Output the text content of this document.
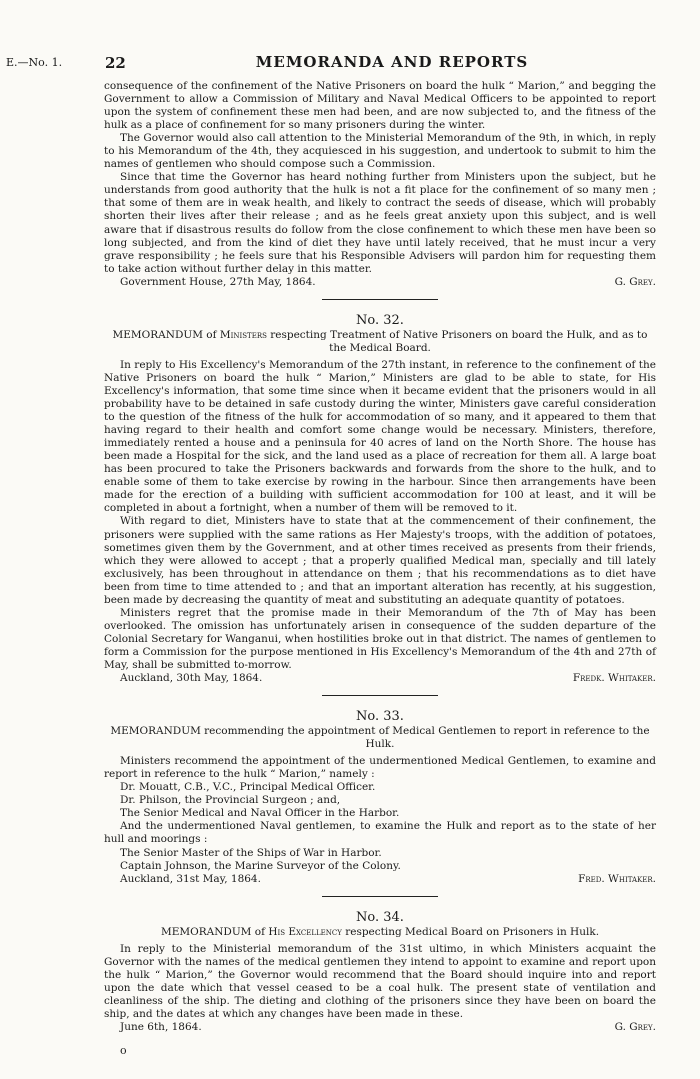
E.—No. 1.	22	MEMORANDA AND REPORTS

consequence of the confinement of the Native Prisoners on board the hulk “ Marion,” and begging the Government to allow a Commission of Military and Naval Medical Officers to be appointed to report upon the system of confinement these men had been, and are now subjected to, and the fitness of the hulk as a place of confinement for so many prisoners during the winter.

The Governor would also call attention to the Ministerial Memorandum of the 9th, in which, in reply to his Memorandum of the 4th, they acquiesced in his suggestion, and undertook to submit to him the names of gentlemen who should compose such a Commission.

Since that time the Governor has heard nothing further from Ministers upon the subject, but he understands from good authority that the hulk is not a fit place for the confinement of so many men ; that some of them are in weak health, and likely to contract the seeds of disease, which will probably shorten their lives after their release ; and as he feels great anxiety upon this subject, and is well aware that if disastrous results do follow from the close confinement to which these men have been so long subjected, and from the kind of diet they have until lately received, that he must incur a very grave responsibility ; he feels sure that his Responsible Advisers will pardon him for requesting them to take action without further delay in this matter.

Government House, 27th May, 1864.	G. Grey.

No. 32.

MEMORANDUM of Ministers respecting Treatment of Native Prisoners on board the Hulk, and as to the Medical Board.

In reply to His Excellency's Memorandum of the 27th instant, in reference to the confinement of the Native Prisoners on board the hulk “ Marion,” Ministers are glad to be able to state, for His Excellency's information, that some time since when it became evident that the prisoners would in all probability have to be detained in safe custody during the winter, Ministers gave careful consideration to the question of the fitness of the hulk for accommodation of so many, and it appeared to them that having regard to their health and comfort some change would be necessary. Ministers, therefore, immediately rented a house and a peninsula for 40 acres of land on the North Shore. The house has been made a Hospital for the sick, and the land used as a place of recreation for them all. A large boat has been procured to take the Prisoners backwards and forwards from the shore to the hulk, and to enable some of them to take exercise by rowing in the harbour. Since then arrangements have been made for the erection of a building with sufficient accommodation for 100 at least, and it will be completed in about a fortnight, when a number of them will be removed to it.

With regard to diet, Ministers have to state that at the commencement of their confinement, the prisoners were supplied with the same rations as Her Majesty's troops, with the addition of potatoes, sometimes given them by the Government, and at other times received as presents from their friends, which they were allowed to accept ; that a properly qualified Medical man, specially and till lately exclusively, has been throughout in attendance on them ; that his recommendations as to diet have been from time to time attended to ; and that an important alteration has recently, at his suggestion, been made by decreasing the quantity of meat and substituting an adequate quantity of potatoes.

Ministers regret that the promise made in their Memorandum of the 7th of May has been overlooked. The omission has unfortunately arisen in consequence of the sudden departure of the Colonial Secretary for Wanganui, when hostilities broke out in that district. The names of gentlemen to form a Commission for the purpose mentioned in His Excellency's Memorandum of the 4th and 27th of May, shall be submitted to-morrow.

Auckland, 30th May, 1864.	Fredk. Whitaker.

No. 33.

MEMORANDUM recommending the appointment of Medical Gentlemen to report in reference to the Hulk.

Ministers recommend the appointment of the undermentioned Medical Gentlemen, to examine and report in reference to the hulk “ Marion,” namely :

Dr. Mouatt, C.B., V.C., Principal Medical Officer.

Dr. Philson, the Provincial Surgeon ; and,

The Senior Medical and Naval Officer in the Harbor.

And the undermentioned Naval gentlemen, to examine the Hulk and report as to the state of her hull and moorings :

The Senior Master of the Ships of War in Harbor.

Captain Johnson, the Marine Surveyor of the Colony.

Auckland, 31st May, 1864.	Fred. Whitaker.

No. 34.

MEMORANDUM of His Excellency respecting Medical Board on Prisoners in Hulk.

In reply to the Ministerial memorandum of the 31st ultimo, in which Ministers acquaint the Governor with the names of the medical gentlemen they intend to appoint to examine and report upon the hulk “ Marion,” the Governor would recommend that the Board should inquire into and report upon the date which that vessel ceased to be a coal hulk. The present state of ventilation and cleanliness of the ship. The dieting and clothing of the prisoners since they have been on board the ship, and the dates at which any changes have been made in these.

June 6th, 1864.	G. Grey.

o
